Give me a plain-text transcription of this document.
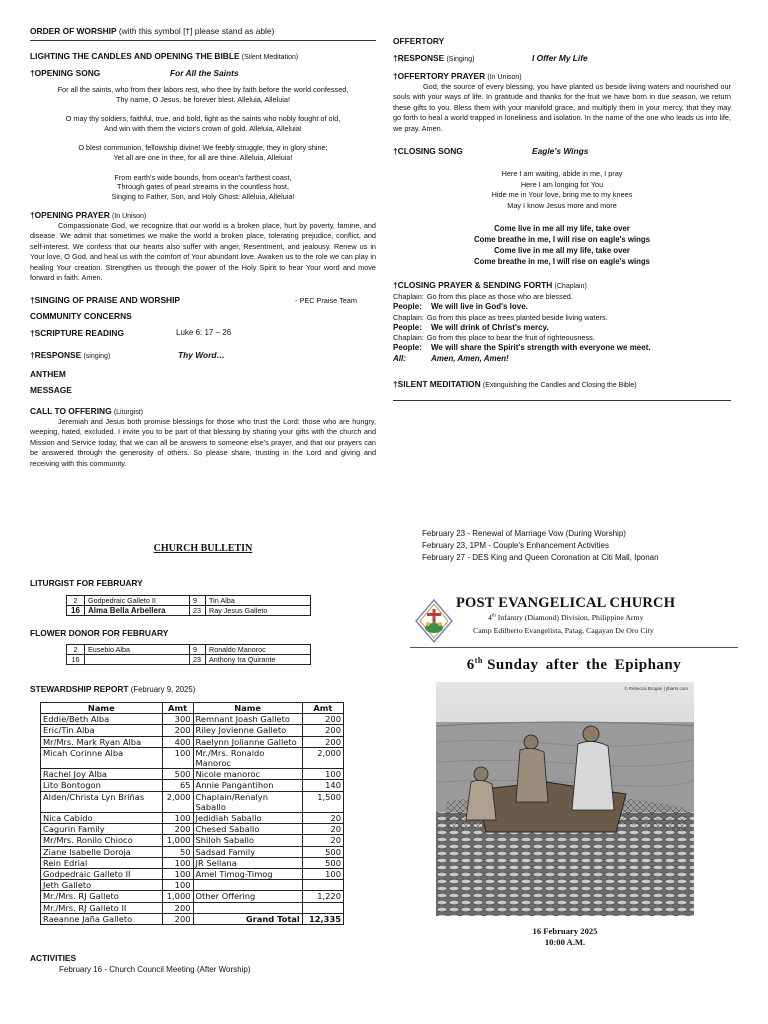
ORDER OF WORSHIP (with this symbol [†] please stand as able)
LIGHTING THE CANDLES AND OPENING THE BIBLE (Silent Meditation)
†OPENING SONG	For All the Saints
For all the saints, who from their labors rest, who thee by faith before the world confessed,
Thy name, O Jesus, be forever blest. Alleluia, Alleluia!
O may thy soldiers, faithful, true, and bold, fight as the saints who nobly fought of old,
And win with them the victor's crown of gold. Alleluia, Alleluia!
O blest communion, fellowship divine! We feebly struggle, they in glory shine;
Yet all are one in thee, for all are thine. Alleluia, Alleluia!
From earth's wide bounds, from ocean's farthest coast,
Through gates of pearl streams in the countless host,
Singing to Father, Son, and Holy Ghost: Alleluia, Alleluia!
†OPENING PRAYER (In Unison)
Compassionate God, we recognize that our world is a broken place, hurt by poverty, famine, and disease. We admit that sometimes we make the world a broken place, tolerating prejudice, conflict, and self-interest. We confess that our hearts also suffer with anger, Resentment, and jealousy. Renew us in Your love, O God, and heal us with the comfort of Your abundant love. Awaken us to the role we can play in healing Your creation. Strengthen us through the power of the Holy Spirit to hear Your word and move forward in faith. Amen.
†SINGING OF PRAISE AND WORSHIP	- PEC Praise Team
COMMUNITY CONCERNS
†SCRIPTURE READING	Luke 6: 17 – 26
†RESPONSE (singing)	Thy Word…
ANTHEM
MESSAGE
CALL TO OFFERING (Liturgist)
Jeremiah and Jesus both promise blessings for those who trust the Lord: those who are hungry, weeping, hated, excluded. I invite you to be part of that blessing by sharing your gifts with the church and Mission and Service today, that we can all be answers to someone else's prayer, and that our prayers can be answered through the generosity of others. So please share, trusting in the Lord and giving and receiving with this community.
OFFERTORY
†RESPONSE (Singing)	I Offer My Life
†OFFERTORY PRAYER (In Unison)
God, the source of every blessing, you have planted us beside living waters and nourished our souls with your ways of life. In gratitude and thanks for the fruit we have born in due season, we return these gifts to you. Bless them with your manifold grace, and multiply them in your mercy, that they may go forth to heal a world trapped in loneliness and isolation. In the name of the one who leads us into life, we pray. Amen.
†CLOSING SONG	Eagle's Wings
Here I am waiting, abide in me, I pray
Here I am longing for You
Hide me in Your love, bring me to my knees
May I know Jesus more and more
Come live in me all my life, take over
Come breathe in me, I will rise on eagle's wings
Come live in me all my life, take over
Come breathe in me, I will rise on eagle's wings
†CLOSING PRAYER & SENDING FORTH (Chaplain)
Chaplain: Go from this place as those who are blessed.
People:	We will live in God's love.
Chaplain: Go from this place as trees planted beside living waters.
People:	We will drink of Christ's mercy.
Chaplain: Go from this place to bear the fruit of righteousness.
People:	We will share the Spirit's strength with everyone we meet.
All:	Amen, Amen, Amen!
†SILENT MEDITATION (Extinguishing the Candles and Closing the Bible)
CHURCH BULLETIN
LITURGIST FOR FEBRUARY
2	Godpedraic Galleto II	9	Tin Alba
16	Alma Bella Arbellera	23	Ray Jesus Galleto
FLOWER DONOR FOR FEBRUARY
2	Eusebio Alba	9	Ronaldo Manoroc
16		23	Anthony Ira Quirante
STEWARDSHIP REPORT (February 9, 2025)
Name	Amt	Name	Amt
Eddie/Beth Alba	300	Remnant Joash Galleto	200
Eric/Tin Alba	200	Riley Jovienne Galleto	200
Mr/Mrs. Mark Ryan Alba	400	Raelynn Jolianne Galleto	200
Micah Corinne Alba	100	Mr./Mrs. Ronaldo Manoroc	2,000
Rachel Joy Alba	500	Nicole manoroc	100
Lito Bontogon	65	Annie Pangantihon	140
Alden/Christa Lyn Briñas	2,000	Chaplain/Renalyn Saballo	1,500
Nica Cabido	100	Jedidiah Saballo	20
Cagurin Family	200	Chesed Saballo	20
Mr/Mrs. Ronilo Chioco	1,000	Shiloh Saballo	20
Ziane Isabelle Doroja	50	Sadsad Family	500
Rein Edrial	100	JR Sellana	500
Godpedraic Galleto II	100	Amel Timog-Timog	100
Jeth Galleto	100		
Mr./Mrs. RJ Galleto	1,000	Other Offering	1,220
Mr./Mrs. RJ Galleto II	200		
Raeanne Jaña Galleto	200	Grand Total	12,335
ACTIVITIES
February 16 - Church Council Meeting (After Worship)
February 23 - Renewal of Marriage Vow (During Worship)
February 23, 1PM - Couple's Enhancement Activities
February 27 - DES King and Queen Coronation at Citi Mall, Iponan
POST EVANGELICAL CHURCH
4th Infantry (Diamond) Division, Philippine Army
Camp Edilberto Evangelista, Patag, Cagayan De Oro City
6th Sunday after the Epiphany
© Rebecca Brogan | jtbarts.com
16 February 2025
10:00 A.M.
